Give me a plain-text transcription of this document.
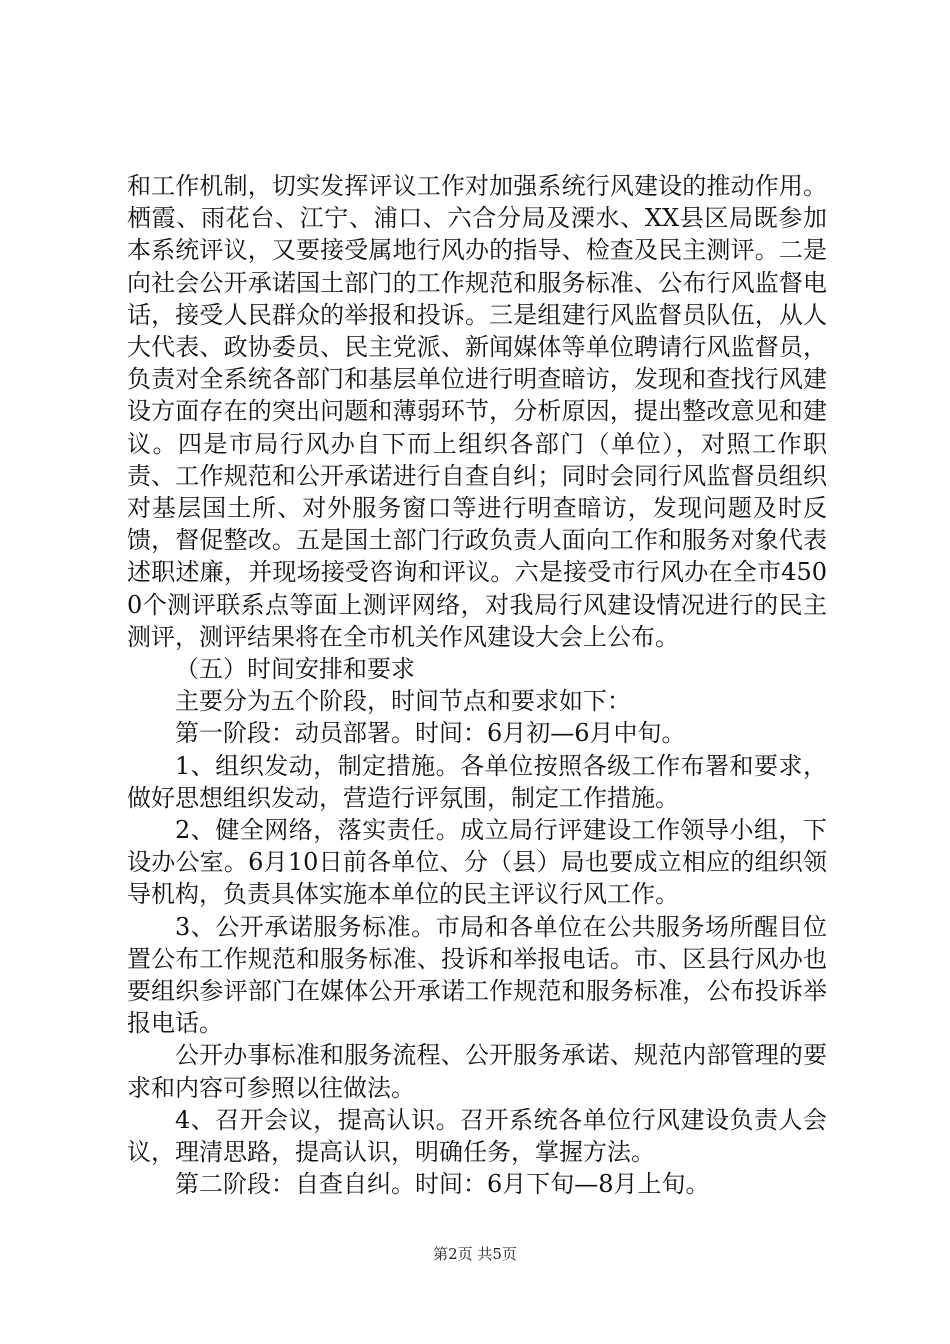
和工作机制，切实发挥评议工作对加强系统行风建设的推动作用。栖霞、雨花台、江宁、浦口、六合分局及溧水、XX县区局既参加本系统评议，又要接受属地行风办的指导、检查及民主测评。二是向社会公开承诺国土部门的工作规范和服务标准、公布行风监督电话，接受人民群众的举报和投诉。三是组建行风监督员队伍，从人大代表、政协委员、民主党派、新闻媒体等单位聘请行风监督员，负责对全系统各部门和基层单位进行明查暗访，发现和查找行风建设方面存在的突出问题和薄弱环节，分析原因，提出整改意见和建议。四是市局行风办自下而上组织各部门（单位），对照工作职责、工作规范和公开承诺进行自查自纠；同时会同行风监督员组织对基层国土所、对外服务窗口等进行明查暗访，发现问题及时反馈，督促整改。五是国土部门行政负责人面向工作和服务对象代表述职述廉，并现场接受咨询和评议。六是接受市行风办在全市4500个测评联系点等面上测评网络，对我局行风建设情况进行的民主测评，测评结果将在全市机关作风建设大会上公布。

（五）时间安排和要求

主要分为五个阶段，时间节点和要求如下：

第一阶段：动员部署。时间：6月初—6月中旬。

1、组织发动，制定措施。各单位按照各级工作布署和要求，做好思想组织发动，营造行评氛围，制定工作措施。

2、健全网络，落实责任。成立局行评建设工作领导小组，下设办公室。6月10日前各单位、分（县）局也要成立相应的组织领导机构，负责具体实施本单位的民主评议行风工作。

3、公开承诺服务标准。市局和各单位在公共服务场所醒目位置公布工作规范和服务标准、投诉和举报电话。市、区县行风办也要组织参评部门在媒体公开承诺工作规范和服务标准，公布投诉举报电话。

公开办事标准和服务流程、公开服务承诺、规范内部管理的要求和内容可参照以往做法。

4、召开会议，提高认识。召开系统各单位行风建设负责人会议，理清思路，提高认识，明确任务，掌握方法。

第二阶段：自查自纠。时间：6月下旬—8月上旬。

第2页 共5页
